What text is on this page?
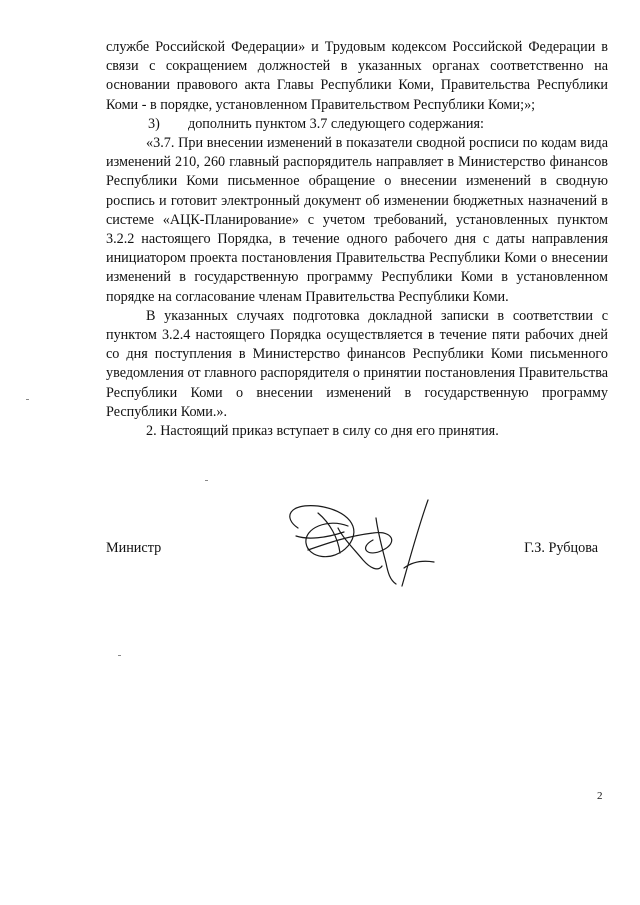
службе Российской Федерации» и Трудовым кодексом Российской Федерации в связи с сокращением должностей в указанных органах соответственно на основании правового акта Главы Республики Коми, Правительства Республики Коми - в порядке, установленном Правительством Республики Коми;»;

3)	дополнить пунктом 3.7 следующего содержания:

«3.7. При внесении изменений в показатели сводной росписи по кодам вида изменений 210, 260 главный распорядитель направляет в Министерство финансов Республики Коми письменное обращение о внесении изменений в сводную роспись и готовит электронный документ об изменении бюджетных назначений в системе «АЦК-Планирование» с учетом требований, установленных пунктом 3.2.2 настоящего Порядка, в течение одного рабочего дня с даты направления инициатором проекта постановления Правительства Республики Коми о внесении изменений в государственную программу Республики Коми в установленном порядке на согласование членам Правительства Республики Коми.

В указанных случаях подготовка докладной записки в соответствии с пунктом 3.2.4 настоящего Порядка осуществляется в течение пяти рабочих дней со дня поступления в Министерство финансов Республики Коми письменного уведомления от главного распорядителя о принятии постановления Правительства Республики Коми о внесении изменений в государственную программу Республики Коми.».

2. Настоящий приказ вступает в силу со дня его принятия.

Министр	Г.З. Рубцова
2
